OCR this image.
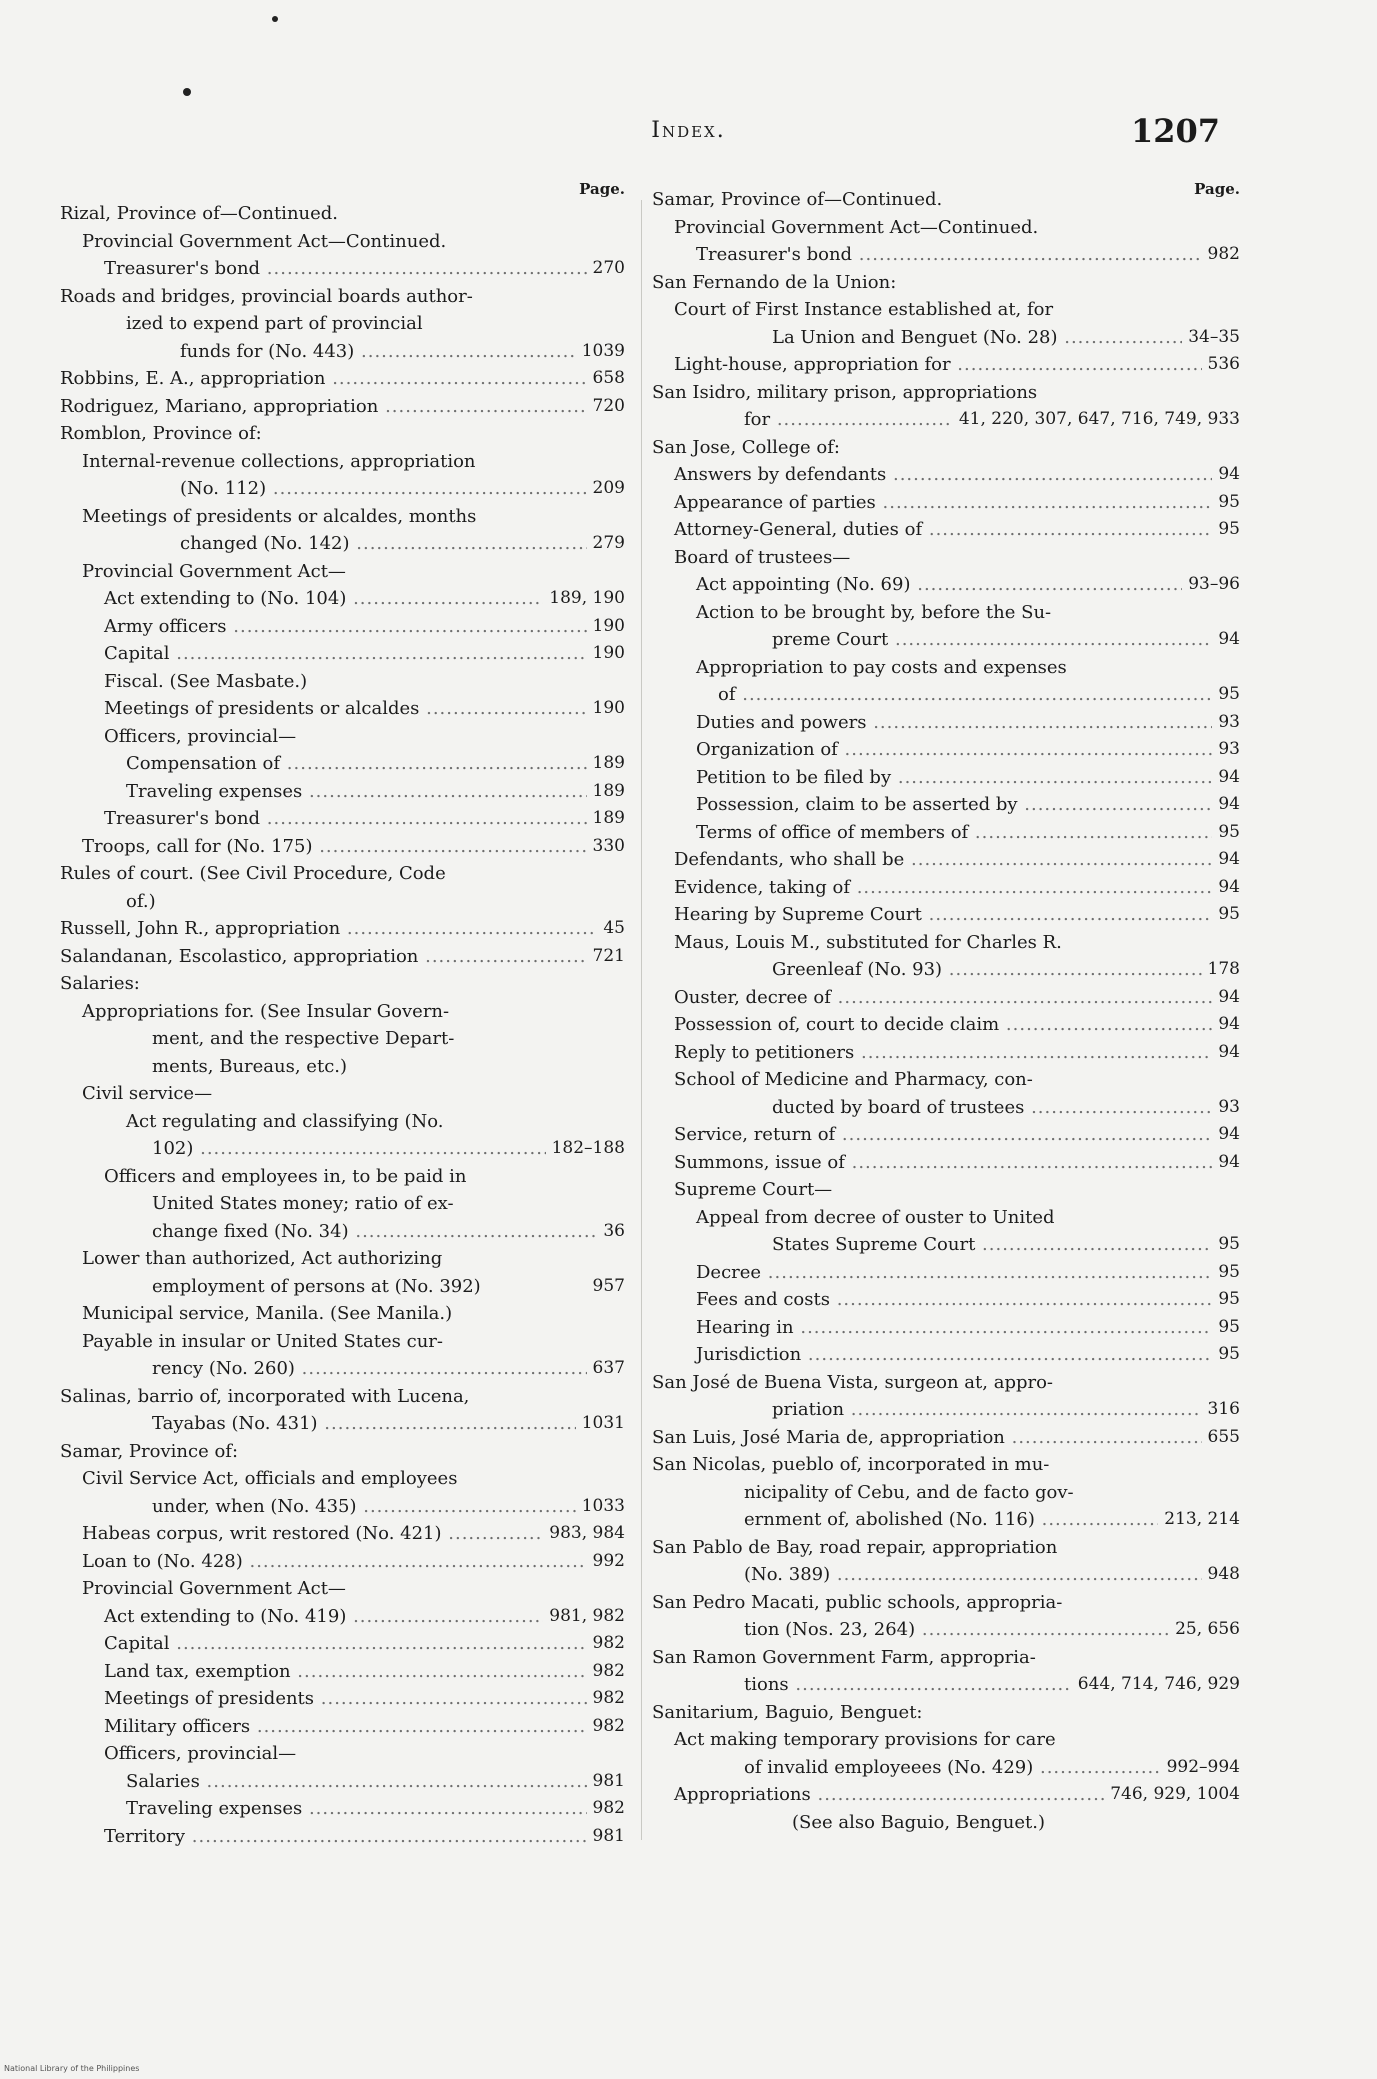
Index.	1207
Page.
Rizal, Province of—Continued.
Provincial Government Act—Continued.
Treasurer's bond .....	270
Roads and bridges, provincial boards author-
ized to expend part of provincial
funds for (No. 443) .....	1039
Robbins, E. A., appropriation .....	658
Rodriguez, Mariano, appropriation .....	720
Romblon, Province of:
Internal-revenue collections, appropriation
(No. 112) .....	209
Meetings of presidents or alcaldes, months
changed (No. 142) .....	279
Provincial Government Act—
Act extending to (No. 104) .....	189, 190
Army officers .....	190
Capital .....	190
Fiscal. (See Masbate.)
Meetings of presidents or alcaldes .....	190
Officers, provincial—
Compensation of .....	189
Traveling expenses .....	189
Treasurer's bond .....	189
Troops, call for (No. 175) .....	330
Rules of court. (See Civil Procedure, Code
of.)
Russell, John R., appropriation .....	45
Salandanan, Escolastico, appropriation .....	721
Salaries:
Appropriations for. (See Insular Govern-
ment, and the respective Depart-
ments, Bureaus, etc.)
Civil service—
Act regulating and classifying (No.
102) .....	182–188
Officers and employees in, to be paid in
United States money; ratio of ex-
change fixed (No. 34) .....	36
Lower than authorized, Act authorizing
employment of persons at (No. 392)	957
Municipal service, Manila. (See Manila.)
Payable in insular or United States cur-
rency (No. 260) .....	637
Salinas, barrio of, incorporated with Lucena,
Tayabas (No. 431) .....	1031
Samar, Province of:
Civil Service Act, officials and employees
under, when (No. 435) .....	1033
Habeas corpus, writ restored (No. 421) .....	983, 984
Loan to (No. 428) .....	992
Provincial Government Act—
Act extending to (No. 419) .....	981, 982
Capital .....	982
Land tax, exemption .....	982
Meetings of presidents .....	982
Military officers .....	982
Officers, provincial—
Salaries .....	981
Traveling expenses .....	982
Territory .....	981
Page.
Samar, Province of—Continued.
Provincial Government Act—Continued.
Treasurer's bond .....	982
San Fernando de la Union:
Court of First Instance established at, for
La Union and Benguet (No. 28) .....	34–35
Light-house, appropriation for .....	536
San Isidro, military prison, appropriations
for .....	41, 220, 307, 647, 716, 749, 933
San Jose, College of:
Answers by defendants .....	94
Appearance of parties .....	95
Attorney-General, duties of .....	95
Board of trustees—
Act appointing (No. 69) .....	93–96
Action to be brought by, before the Su-
preme Court .....	94
Appropriation to pay costs and expenses
of .....	95
Duties and powers .....	93
Organization of .....	93
Petition to be filed by .....	94
Possession, claim to be asserted by .....	94
Terms of office of members of .....	95
Defendants, who shall be .....	94
Evidence, taking of .....	94
Hearing by Supreme Court .....	95
Maus, Louis M., substituted for Charles R.
Greenleaf (No. 93) .....	178
Ouster, decree of .....	94
Possession of, court to decide claim .....	94
Reply to petitioners .....	94
School of Medicine and Pharmacy, con-
ducted by board of trustees .....	93
Service, return of .....	94
Summons, issue of .....	94
Supreme Court—
Appeal from decree of ouster to United
States Supreme Court .....	95
Decree .....	95
Fees and costs .....	95
Hearing in .....	95
Jurisdiction .....	95
San José de Buena Vista, surgeon at, appro-
priation .....	316
San Luis, José Maria de, appropriation .....	655
San Nicolas, pueblo of, incorporated in mu-
nicipality of Cebu, and de facto gov-
ernment of, abolished (No. 116) .....	213, 214
San Pablo de Bay, road repair, appropriation
(No. 389) .....	948
San Pedro Macati, public schools, appropria-
tion (Nos. 23, 264) .....	25, 656
San Ramon Government Farm, appropria-
tions .....	644, 714, 746, 929
Sanitarium, Baguio, Benguet:
Act making temporary provisions for care
of invalid employeees (No. 429) .....	992–994
Appropriations .....	746, 929, 1004
(See also Baguio, Benguet.)
National Library of the Philippines
